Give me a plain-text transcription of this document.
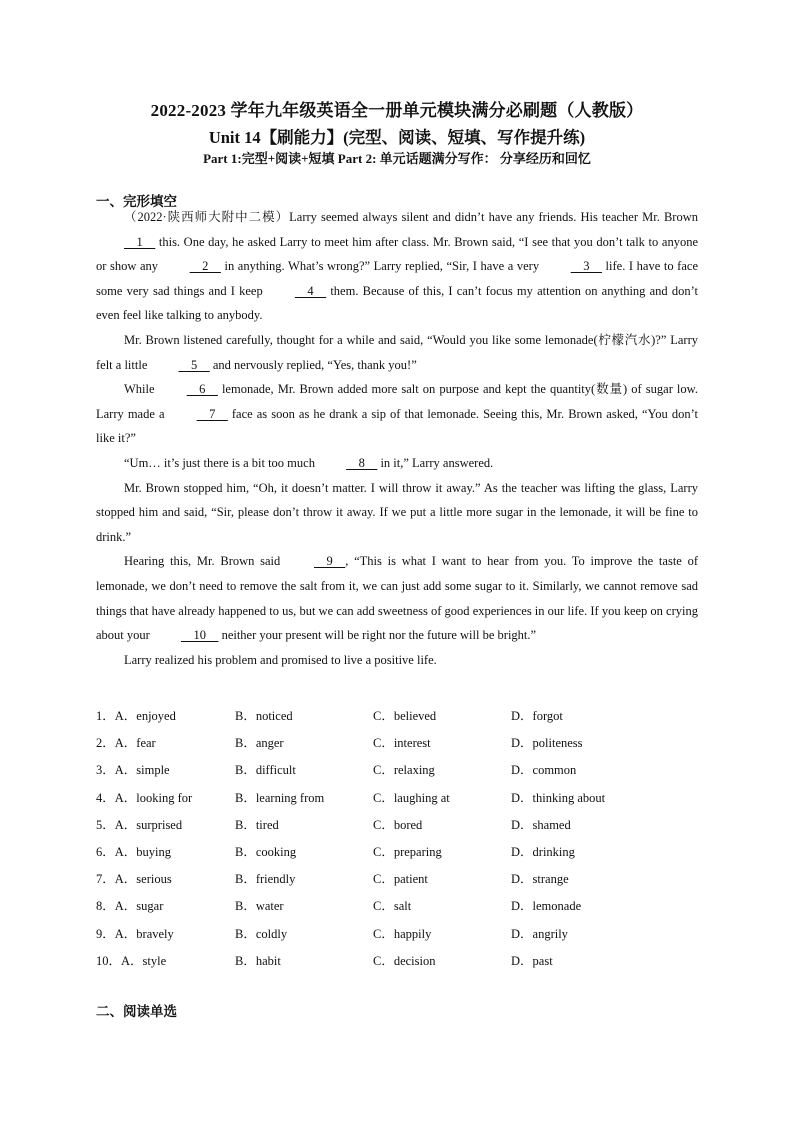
2022-2023 学年九年级英语全一册单元模块满分必刷题（人教版）
Unit 14【刷能力】(完型、阅读、短填、写作提升练)
Part 1:完型+阅读+短填 Part 2: 单元话题满分写作： 分享经历和回忆
一、完形填空

（2022·陕西师大附中二模）Larry seemed always silent and didn’t have any friends. His teacher Mr. Brown     1     this. One day, he asked Larry to meet him after class. Mr. Brown said, “I see that you don’t talk to anyone or show any     2     in anything. What’s wrong?” Larry replied, “Sir, I have a very     3     life. I have to face some very sad things and I keep     4     them. Because of this, I can’t focus my attention on anything and don’t even feel like talking to anybody.

Mr. Brown listened carefully, thought for a while and said, “Would you like some lemonade(柠檬汽水)?” Larry felt a little     5     and nervously replied, “Yes, thank you!”

While     6     lemonade, Mr. Brown added more salt on purpose and kept the quantity(数量) of sugar low. Larry made a     7     face as soon as he drank a sip of that lemonade. Seeing this, Mr. Brown asked, “You don’t like it?”

“Um… it’s just there is a bit too much     8     in it,” Larry answered.

Mr. Brown stopped him, “Oh, it doesn’t matter. I will throw it away.” As the teacher was lifting the glass, Larry stopped him and said, “Sir, please don’t throw it away. If we put a little more sugar in the lemonade, it will be fine to drink.”

Hearing this, Mr. Brown said     9    , “This is what I want to hear from you. To improve the taste of lemonade, we don’t need to remove the salt from it, we can just add some sugar to it. Similarly, we cannot remove sad things that have already happened to us, but we can add sweetness of good experiences in our life. If you keep on crying about your     10     neither your present will be right nor the future will be bright.”

Larry realized his problem and promised to live a positive life.

1．A．enjoyed	B．noticed	C．believed	D．forgot
2．A．fear	B．anger	C．interest	D．politeness
3．A．simple	B．difficult	C．relaxing	D．common
4．A．looking for	B．learning from	C．laughing at	D．thinking about
5．A．surprised	B．tired	C．bored	D．shamed
6．A．buying	B．cooking	C．preparing	D．drinking
7．A．serious	B．friendly	C．patient	D．strange
8．A．sugar	B．water	C．salt	D．lemonade
9．A．bravely	B．coldly	C．happily	D．angrily
10．A．style	B．habit	C．decision	D．past
二、阅读单选
